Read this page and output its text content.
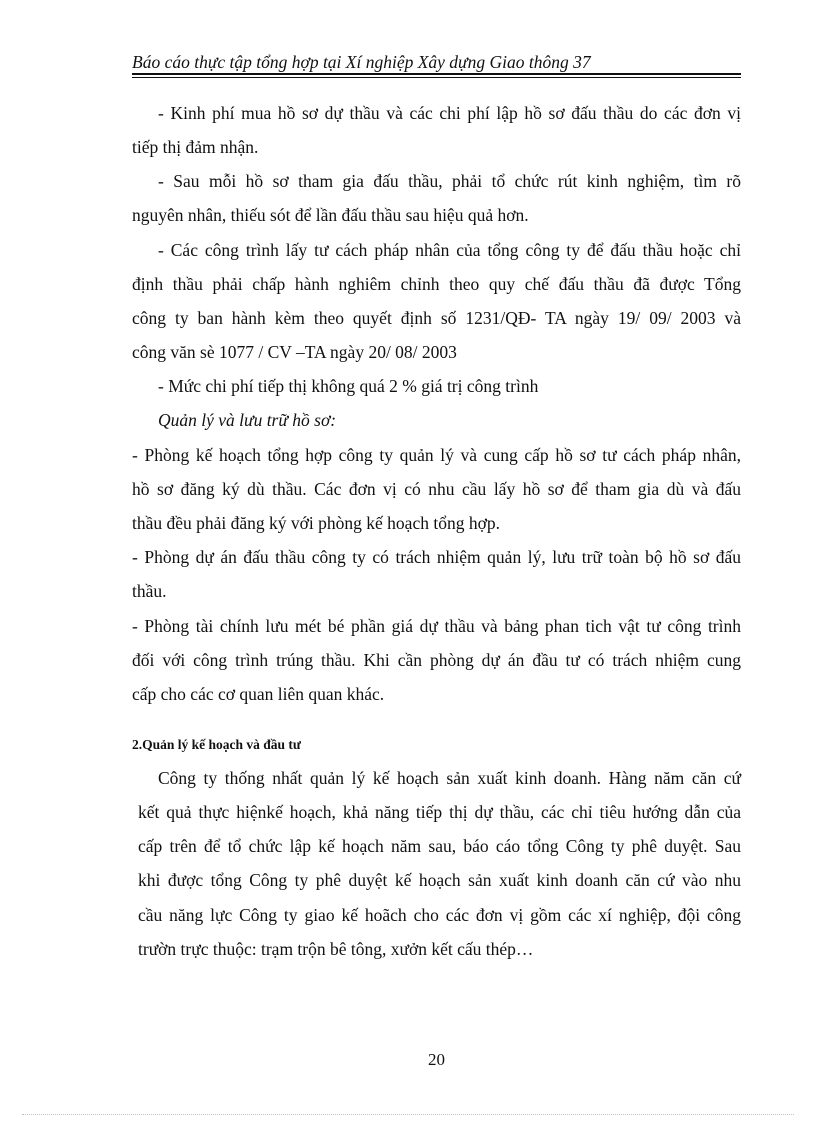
Báo cáo thực tập tổng hợp tại Xí nghiệp Xây dựng Giao thông 37
- Kinh phí mua hồ sơ dự thầu và các chi phí lập hồ sơ đấu thầu do các đơn vị
tiếp thị đảm nhận.
- Sau mỗi hồ sơ tham gia đấu thầu, phải tổ chức rút kinh nghiệm, tìm rõ
nguyên nhân, thiếu sót để lần đấu thầu sau hiệu quả hơn.
- Các công trình lấy tư cách pháp nhân của tổng công ty để đấu thầu hoặc chỉ
định thầu phải chấp hành nghiêm chỉnh theo quy chế đấu thầu đã được Tổng
công ty ban hành kèm theo quyết định số 1231/QĐ- TA ngày 19/ 09/ 2003 và
công văn sè 1077 / CV –TA ngày 20/ 08/ 2003
- Mức chi phí tiếp thị không quá 2 % giá trị công trình
Quản lý và lưu trữ hồ sơ:
- Phòng kế hoạch tổng hợp công ty quản lý và cung cấp hồ sơ tư cách pháp nhân,
hồ sơ đăng ký dù thầu. Các đơn vị có nhu cầu lấy hồ sơ để tham gia dù và đấu
thầu đều phải đăng ký với phòng kế hoạch tổng hợp.
- Phòng dự án đấu thầu công ty có trách nhiệm quản lý, lưu trữ toàn bộ hồ sơ đấu
thầu.
- Phòng tài chính lưu mét bé phần giá dự thầu và bảng phan tich vật tư công trình
đối với công trình trúng thầu. Khi cần phòng dự án đầu tư có trách nhiệm cung
cấp cho các cơ quan liên quan khác.
2.Quản lý kế hoạch và đầu tư
Công ty thống nhất quản lý kế hoạch sản xuất kinh doanh. Hàng năm căn cứ
kết quả thực hiệnkế hoạch, khả năng tiếp thị dự thầu, các chỉ tiêu hướng dẫn của
cấp trên để tổ chức lập kế hoạch năm sau, báo cáo tổng Công ty phê duyệt. Sau
khi được tổng Công ty phê duyệt kế hoạch sản xuất kinh doanh căn cứ vào nhu
cầu năng lực Công ty giao kế hoãch cho các đơn vị gồm các xí nghiệp, đội công
trườn trực thuộc: trạm trộn bê tông, xưởn kết cấu thép…
20
